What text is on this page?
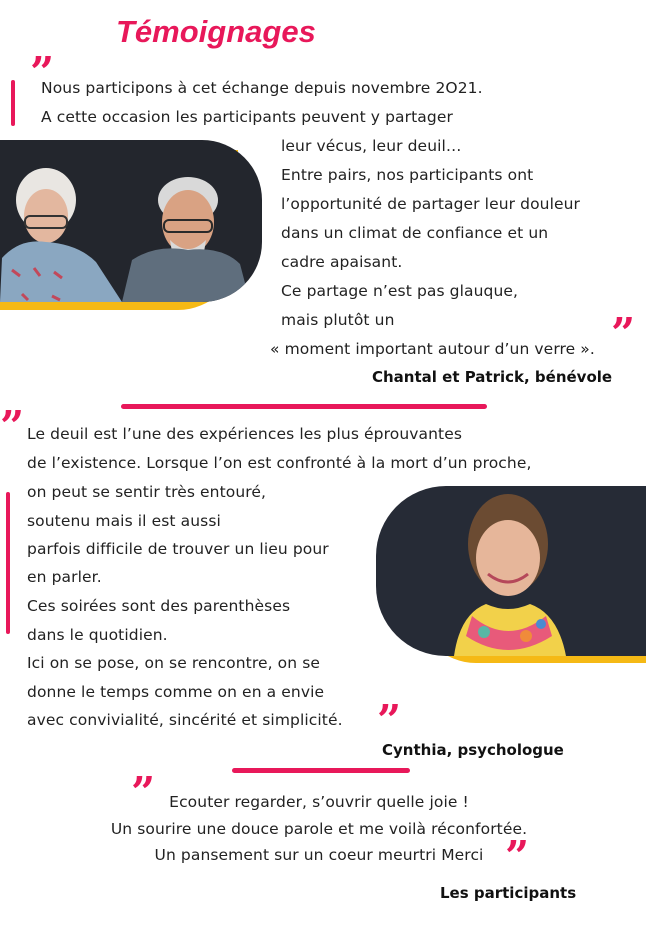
Témoignages
”
Nous participons à cet échange depuis novembre 2O21.
A cette occasion les participants peuvent y partager
leur vécus, leur deuil…
Entre pairs, nos participants ont
l’opportunité de partager leur douleur
dans un climat de confiance et un
cadre apaisant.
Ce partage n’est pas glauque,
mais plutôt un	”
« moment important autour d’un verre ».
Chantal et Patrick, bénévole
” Le deuil est l’une des expériences les plus éprouvantes
de l’existence. Lorsque l’on est confronté à la mort d’un proche,
on peut se sentir très entouré,
soutenu mais il est aussi
parfois difficile de trouver un lieu pour
en parler.
Ces soirées sont des parenthèses
dans le quotidien.
Ici on se pose, on se rencontre, on se
donne le temps comme on en a envie
avec convivialité, sincérité et simplicité. ”
Cynthia, psychologue
”	Ecouter regarder, s’ouvrir quelle joie !
Un sourire une douce parole et me voilà réconfortée.
Un pansement sur un coeur meurtri Merci ”
Les participants
